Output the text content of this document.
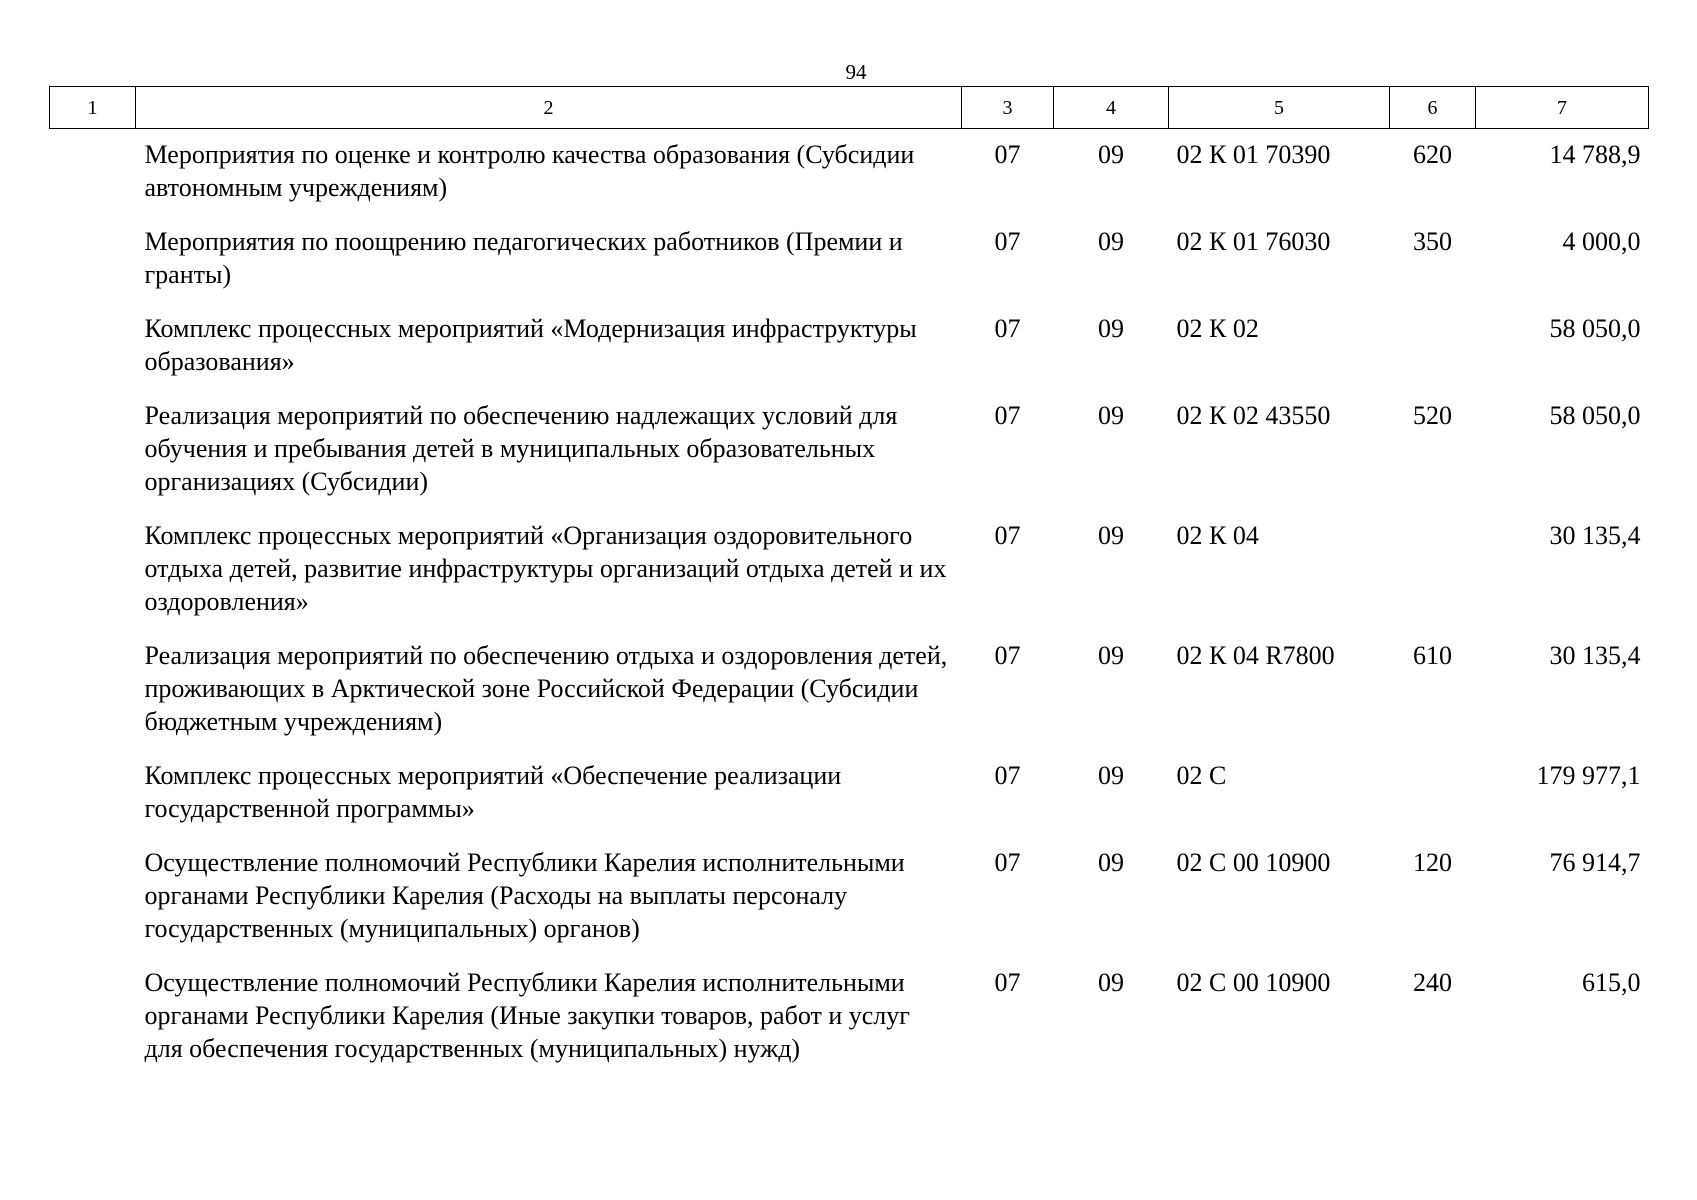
94
1	2	3	4	5	6	7
	Мероприятия по оценке и контролю качества образования (Субсидии автономным учреждениям)	07	09	02 К 01 70390	620	14 788,9
	Мероприятия по поощрению педагогических работников (Премии и гранты)	07	09	02 К 01 76030	350	4 000,0
	Комплекс процессных мероприятий «Модернизация инфраструктуры образования»	07	09	02 К 02		58 050,0
	Реализация мероприятий по обеспечению надлежащих условий для обучения и пребывания детей в муниципальных образовательных организациях (Субсидии)	07	09	02 К 02 43550	520	58 050,0
	Комплекс процессных мероприятий «Организация оздоровительного отдыха детей, развитие инфраструктуры организаций отдыха детей и их оздоровления»	07	09	02 К 04		30 135,4
	Реализация мероприятий по обеспечению отдыха и оздоровления детей, проживающих в Арктической зоне Российской Федерации (Субсидии бюджетным учреждениям)	07	09	02 К 04 R7800	610	30 135,4
	Комплекс процессных мероприятий «Обеспечение реализации государственной программы»	07	09	02 С		179 977,1
	Осуществление полномочий Республики Карелия исполнительными органами Республики Карелия (Расходы на выплаты персоналу государственных (муниципальных) органов)	07	09	02 С 00 10900	120	76 914,7
	Осуществление полномочий Республики Карелия исполнительными органами Республики Карелия (Иные закупки товаров, работ и услуг для обеспечения государственных (муниципальных) нужд)	07	09	02 С 00 10900	240	615,0
